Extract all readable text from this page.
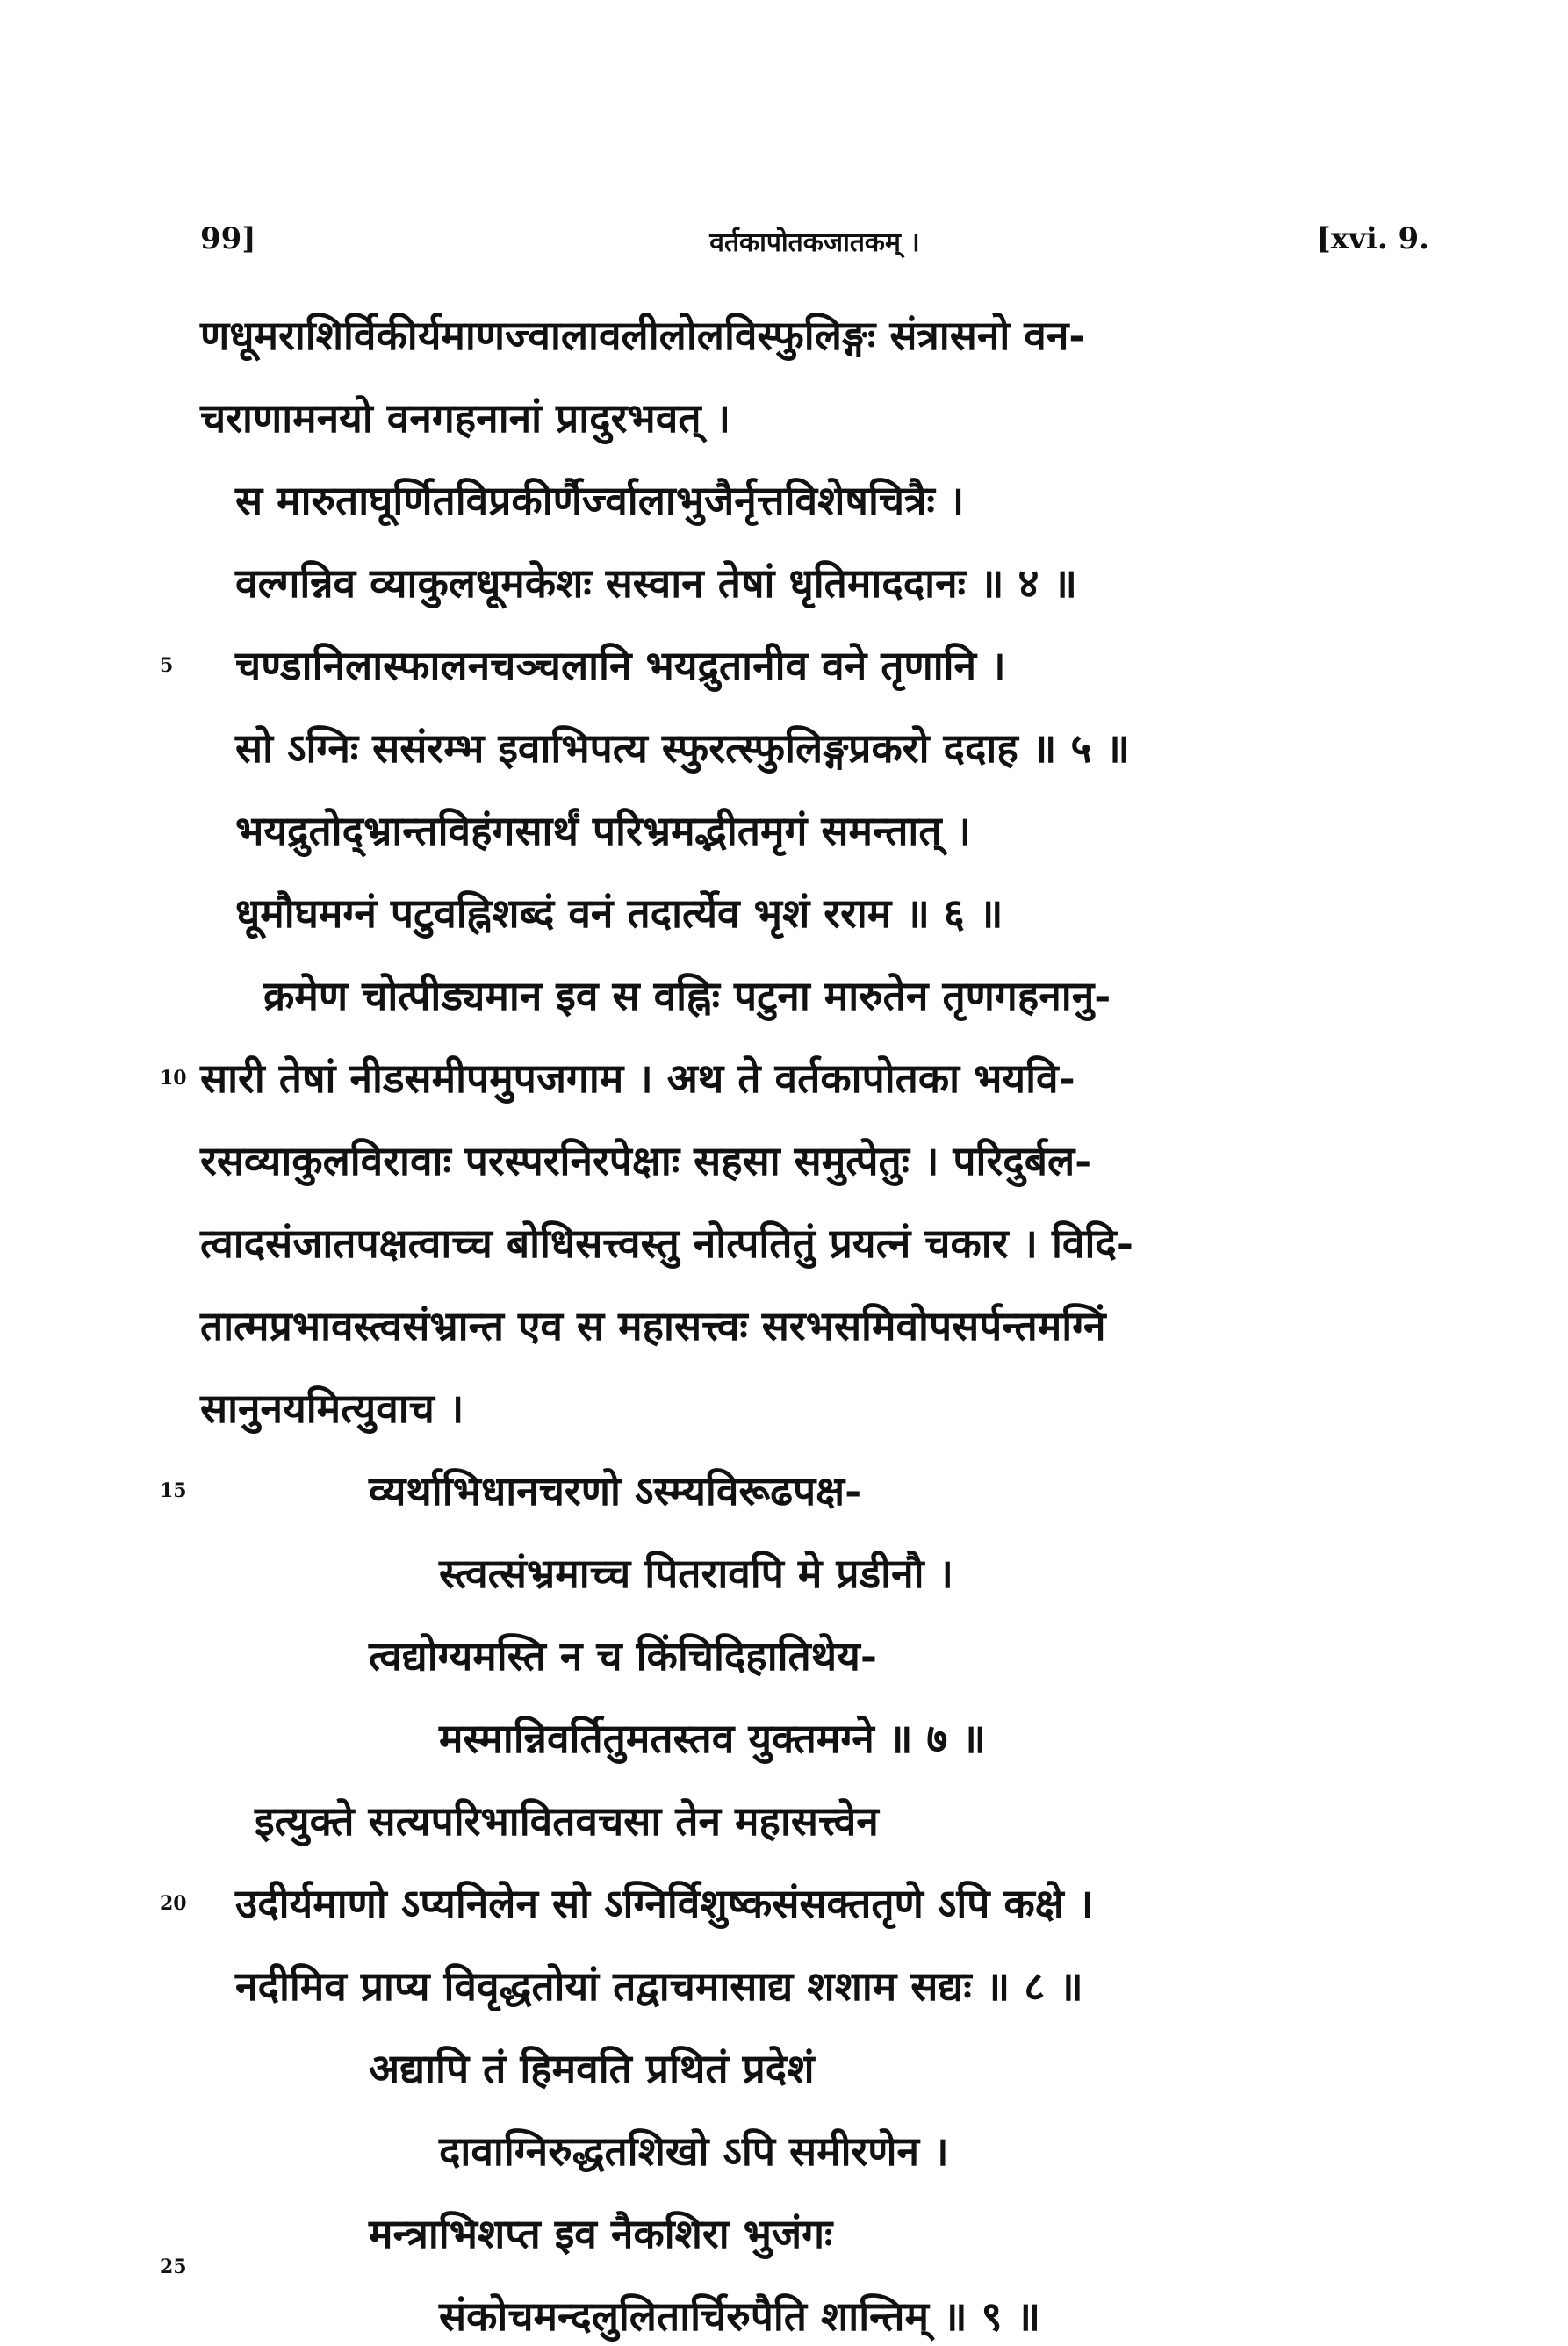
99]	वर्तकापोतकजातकम् ।	[xvi. 9.
णधूमराशिर्विकीर्यमाणज्वालावलीलोलविस्फुलिङ्गः संत्रासनो वन-
चराणामनयो वनगहनानां प्रादुरभवत् ।
स मारुताघूर्णितविप्रकीर्णैर्ज्वालाभुजैर्नृत्तविशेषचित्रैः ।
वल्गन्निव व्याकुलधूमकेशः सस्वान तेषां धृतिमाददानः ॥ ४ ॥
चण्डानिलास्फालनचञ्चलानि भयद्रुतानीव वने तृणानि ।
सो ऽग्निः ससंरम्भ इवाभिपत्य स्फुरत्स्फुलिङ्गप्रकरो ददाह ॥ ५ ॥
भयद्रुतोद्भ्रान्तविहंगसार्थं परिभ्रमद्भीतमृगं समन्तात् ।
धूमौघमग्नं पटुवह्निशब्दं वनं तदार्त्येव भृशं रराम ॥ ६ ॥
क्रमेण चोत्पीड्यमान इव स वह्निः पटुना मारुतेन तृणगहनानु-
सारी तेषां नीडसमीपमुपजगाम । अथ ते वर्तकापोतका भयवि-
रसव्याकुलविरावाः परस्परनिरपेक्षाः सहसा समुत्पेतुः । परिदुर्बल-
त्वादसंजातपक्षत्वाच्च बोधिसत्त्वस्तु नोत्पतितुं प्रयत्नं चकार । विदि-
तात्मप्रभावस्त्वसंभ्रान्त एव स महासत्त्वः सरभसमिवोपसर्पन्तमग्निं
सानुनयमित्युवाच ।
व्यर्थाभिधानचरणो ऽस्म्यविरूढपक्ष-
स्त्वत्संभ्रमाच्च पितरावपि मे प्रडीनौ ।
त्वद्योग्यमस्ति न च किंचिदिहातिथेय-
मस्मान्निवर्तितुमतस्तव युक्तमग्ने ॥ ७ ॥
इत्युक्ते सत्यपरिभावितवचसा तेन महासत्त्वेन
उदीर्यमाणो ऽप्यनिलेन सो ऽग्निर्विशुष्कसंसक्ततृणे ऽपि कक्षे ।
नदीमिव प्राप्य विवृद्धतोयां तद्वाचमासाद्य शशाम सद्यः ॥ ८ ॥
अद्यापि तं हिमवति प्रथितं प्रदेशं
दावाग्निरुद्धतशिखो ऽपि समीरणेन ।
मन्त्राभिशप्त इव नैकशिरा भुजंगः
संकोचमन्दलुलितार्चिरुपैति शान्तिम् ॥ ९ ॥
5
10
15
20
25
